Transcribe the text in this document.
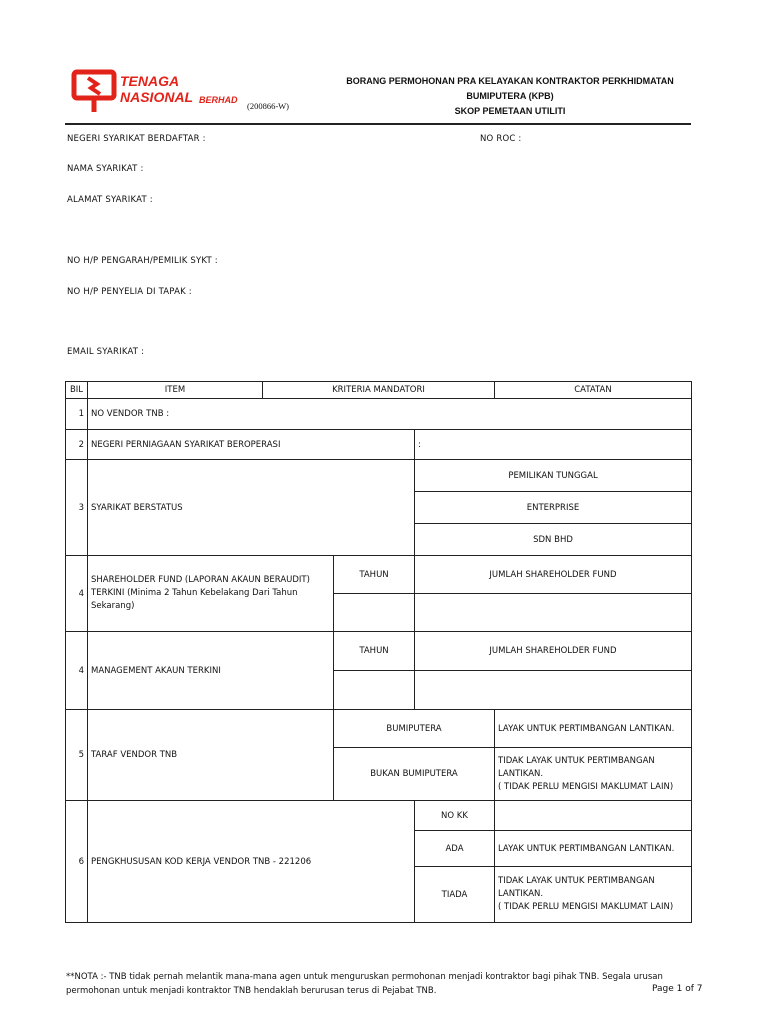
TENAGA
NASIONAL BERHAD
(200866-W)
BORANG PERMOHONAN PRA KELAYAKAN KONTRAKTOR PERKHIDMATAN
BUMIPUTERA (KPB)
SKOP PEMETAAN UTILITI
NEGERI SYARIKAT BERDAFTAR :	NO ROC :
NAMA SYARIKAT :
ALAMAT SYARIKAT :
NO H/P PENGARAH/PEMILIK SYKT :
NO H/P PENYELIA DI TAPAK :
EMAIL SYARIKAT :
BIL	ITEM	KRITERIA MANDATORI			CATATAN
1	NO VENDOR TNB :				
2	NEGERI PERNIAGAAN SYARIKAT BEROPERASI			:	
3	SYARIKAT BERSTATUS			PEMILIKAN TUNGGAL	
				ENTERPRISE	
				SDN BHD	
4	SHAREHOLDER FUND (LAPORAN AKAUN BERAUDIT) TERKINI (Minima 2 Tahun Kebelakang Dari Tahun Sekarang)		TAHUN	JUMLAH SHAREHOLDER FUND	

4	MANAGEMENT AKAUN TERKINI		TAHUN	JUMLAH SHAREHOLDER FUND	

5	TARAF VENDOR TNB		BUMIPUTERA		LAYAK UNTUK PERTIMBANGAN LANTIKAN.
			BUKAN BUMIPUTERA		TIDAK LAYAK UNTUK PERTIMBANGAN LANTIKAN.
( TIDAK PERLU MENGISI MAKLUMAT LAIN)
6	PENGKHUSUSAN KOD KERJA VENDOR TNB - 221206			NO KK	
				ADA	LAYAK UNTUK PERTIMBANGAN LANTIKAN.
				TIADA	TIDAK LAYAK UNTUK PERTIMBANGAN LANTIKAN.
( TIDAK PERLU MENGISI MAKLUMAT LAIN)
**NOTA :- TNB tidak pernah melantik mana-mana agen untuk menguruskan permohonan menjadi kontraktor bagi pihak TNB. Segala urusan
permohonan untuk menjadi kontraktor TNB hendaklah berurusan terus di Pejabat TNB.	Page 1 of 7
